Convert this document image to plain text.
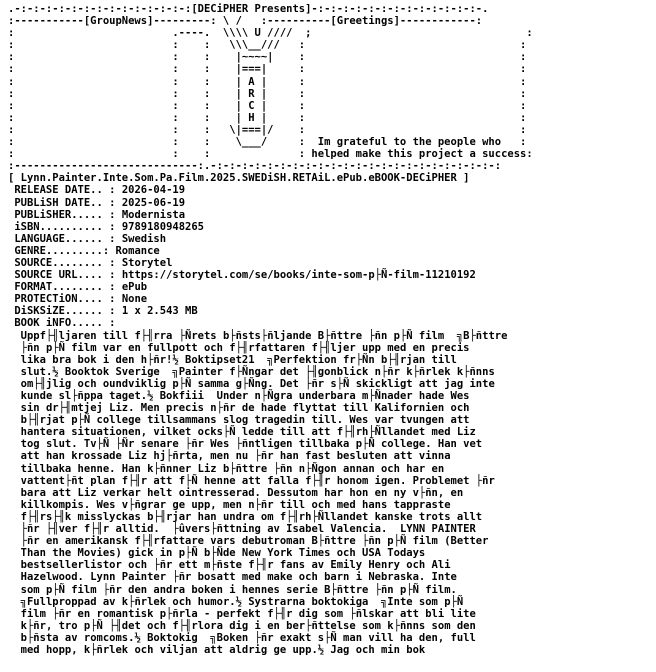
.-:-:-:-:-:-:-:-:-:-:-:-:-:-:[DECiPHER Presents]-:-:-:-:-:-:-:-:-:-:-:-:-:-.
:-----------[GroupNews]---------: \ /   :----------[Greetings]------------:
:                         .----.  \\\\ U ////  ;                                  :
:                         :    :   \\\__///   :                                  :
:                         :    :    |~~~~|    :                                  :
:                         :    :    |===|     :                                  :
:                         :    :    | A |     :                                  :
:                         :    :    | R |     :                                  :
:                         :    :    | C |     :                                  :
:                         :    :    | H |     :                                  :
:                         :    :   \|===|/    :                                  :
:                         :    :    \___/     :  Im grateful to the people who   :
:                         :    :              : helped make this project a success:
:-----------------------------:.-:-:-:-:-:-:-:-:-:-:-:-:-:-:-:-:-:-:-:-:-:-:-:
[ Lynn.Painter.Inte.Som.Pa.Film.2025.SWEDiSH.RETAiL.ePub.eBOOK-DECiPHER ]
RELEASE DATE.. : 2026-04-19
PUBLiSH DATE.. : 2025-06-19
PUBLiSHER..... : Modernista
iSBN.......... : 9789180948265
LANGUAGE...... : Swedish
GENRE.........: Romance
SOURCE........ : Storytel
SOURCE URL.... : https://storytel.com/se/books/inte-som-p├Ñ-film-11210192
FORMAT........ : ePub
PROTECTiON.... : None
DiSKSiZE...... : 1 x 2.543 MB
BOOK iNFO..... :
Uppf├╢ljaren till f├╢rra ├Ñrets b├ñsts├ñljande B├ñttre ├ñn p├Ñ film  ╗B├ñttre
├ñn p├Ñ film var en fullpott och f├╢rfattaren f├╢ljer upp med en precis
lika bra bok i den h├ñr!½ Boktipset21  ╗Perfektion fr├Ñn b├╢rjan till
slut.½ Booktok Sverige  ╗Painter f├Ñngar det ├╢gonblick n├ñr k├ñrlek k├ñnns
om├╢jlig och oundviklig p├Ñ samma g├Ñng. Det ├ñr s├Ñ skickligt att jag inte
kunde sl├ñppa taget.½ Bokfiii  Under n├Ñgra underbara m├Ñnader hade Wes
sin dr├╢mtjej Liz. Men precis n├ñr de hade flyttat till Kalifornien och
b├╢rjat p├Ñ college tillsammans slog tragedin till. Wes var tvungen att
hantera situationen, vilket ocks├Ñ ledde till att f├╢rh├Ñllandet med Liz
tog slut. Tv├Ñ ├Ñr senare ├ñr Wes ├ñntligen tillbaka p├Ñ college. Han vet
att han krossade Liz hj├ñrta, men nu ├ñr han fast besluten att vinna
tillbaka henne. Han k├ñnner Liz b├ñttre ├ñn n├Ñgon annan och har en
vattent├ñt plan f├╢r att f├Ñ henne att falla f├╢r honom igen. Problemet ├ñr
bara att Liz verkar helt ointresserad. Dessutom har hon en ny v├ñn, en
killkompis. Wes v├ñgrar ge upp, men n├ñr till och med hans tappraste
f├╢rs├╢k misslyckas b├╢rjar han undra om f├╢rh├Ñllandet kanske trots allt
├ñr ├╢ver f├╢r alltid.  ├ûvers├ñttning av Isabel Valencia.  LYNN PAINTER
├ñr en amerikansk f├╢rfattare vars debutroman B├ñttre ├ñn p├Ñ film (Better
Than the Movies) gick in p├Ñ b├Ñde New York Times och USA Todays
bestsellerlistor och ├ñr ett m├ñste f├╢r fans av Emily Henry och Ali
Hazelwood. Lynn Painter ├ñr bosatt med make och barn i Nebraska. Inte
som p├Ñ film ├ñr den andra boken i hennes serie B├ñttre ├ñn p├Ñ film.
╗Fullproppad av k├ñrlek och humor.½ Systrarna boktokiga  ╗Inte som p├Ñ
film ├ñr en romantisk p├ñrla - perfekt f├╢r dig som ├ñlskar att bli lite
k├ñr, tro p├Ñ ├╢det och f├╢rlora dig i en ber├ñttelse som k├ñnns som den
b├ñsta av romcoms.½ Boktokig  ╗Boken ├ñr exakt s├Ñ man vill ha den, full
med hopp, k├ñrlek och viljan att aldrig ge upp.½ Jag och min bok
